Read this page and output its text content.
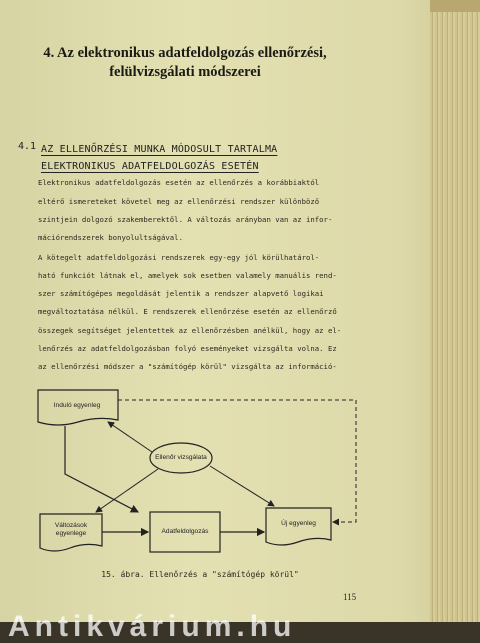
4. Az elektronikus adatfeldolgozás ellenőrzési,
felülvizsgálati módszerei
4.1 AZ ELLENŐRZÉSI MUNKA MÓDOSULT TARTALMA
ELEKTRONIKUS ADATFELDOLGOZÁS ESETÉN
Elektronikus adatfeldolgozás esetén az ellenőrzés a korábbiaktól
eltérő ismereteket követel meg az ellenőrzési rendszer különböző
szintjein dolgozó szakemberektől. A változás arányban van az infor-
mációrendszerek bonyolultságával.
A kötegelt adatfeldolgozási rendszerek egy-egy jól körülhatárol-
ható funkciót látnak el, amelyek sok esetben valamely manuális rend-
szer számítógépes megoldását jelentik a rendszer alapvető logikai
megváltoztatása nélkül. E rendszerek ellenőrzése esetén az ellenőrző
összegek segítséget jelentettek az ellenőrzésben anélkül, hogy az el-
lenőrzés az adatfeldolgozásban folyó eseményeket vizsgálta volna. Ez
az ellenőrzési módszer a "számítógép körül" vizsgálta az információ-
Induló egyenleg
Ellenőr vizsgálata
Változások
egyenlege	Adatfeldolgozás
Új egyenleg
15. ábra. Ellenőrzés a "számítógép körül"
115
Antikvárium.hu
